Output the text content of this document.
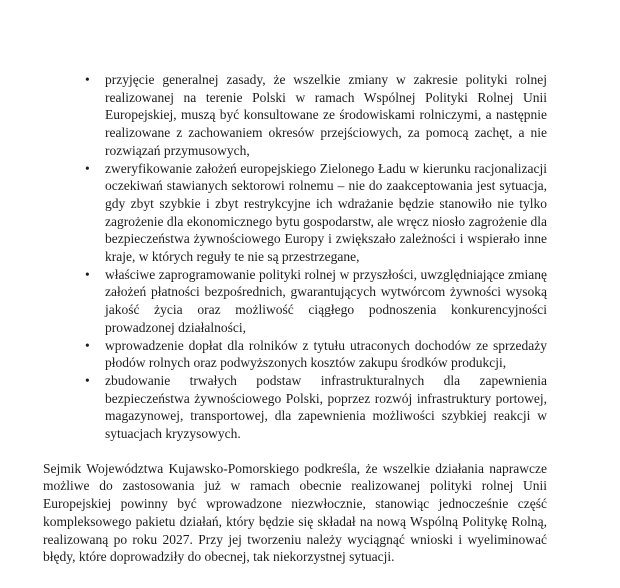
• przyjęcie generalnej zasady, że wszelkie zmiany w zakresie polityki rolnej realizowanej na terenie Polski w ramach Wspólnej Polityki Rolnej Unii Europejskiej, muszą być konsultowane ze środowiskami rolniczymi, a następnie realizowane z zachowaniem okresów przejściowych, za pomocą zachęt, a nie rozwiązań przymusowych,
• zweryfikowanie założeń europejskiego Zielonego Ładu w kierunku racjonalizacji oczekiwań stawianych sektorowi rolnemu – nie do zaakceptowania jest sytuacja, gdy zbyt szybkie i zbyt restrykcyjne ich wdrażanie będzie stanowiło nie tylko zagrożenie dla ekonomicznego bytu gospodarstw, ale wręcz niosło zagrożenie dla bezpieczeństwa żywnościowego Europy i zwiększało zależności i wspierało inne kraje, w których reguły te nie są przestrzegane,
• właściwe zaprogramowanie polityki rolnej w przyszłości, uwzględniające zmianę założeń płatności bezpośrednich, gwarantujących wytwórcom żywności wysoką jakość życia oraz możliwość ciągłego podnoszenia konkurencyjności prowadzonej działalności,
• wprowadzenie dopłat dla rolników z tytułu utraconych dochodów ze sprzedaży płodów rolnych oraz podwyższonych kosztów zakupu środków produkcji,
• zbudowanie trwałych podstaw infrastrukturalnych dla zapewnienia bezpieczeństwa żywnościowego Polski, poprzez rozwój infrastruktury portowej, magazynowej, transportowej, dla zapewnienia możliwości szybkiej reakcji w sytuacjach kryzysowych.

Sejmik Województwa Kujawsko-Pomorskiego podkreśla, że wszelkie działania naprawcze możliwe do zastosowania już w ramach obecnie realizowanej polityki rolnej Unii Europejskiej powinny być wprowadzone niezwłocznie, stanowiąc jednocześnie część kompleksowego pakietu działań, który będzie się składał na nową Wspólną Politykę Rolną, realizowaną po roku 2027. Przy jej tworzeniu należy wyciągnąć wnioski i wyeliminować błędy, które doprowadziły do obecnej, tak niekorzystnej sytuacji.
